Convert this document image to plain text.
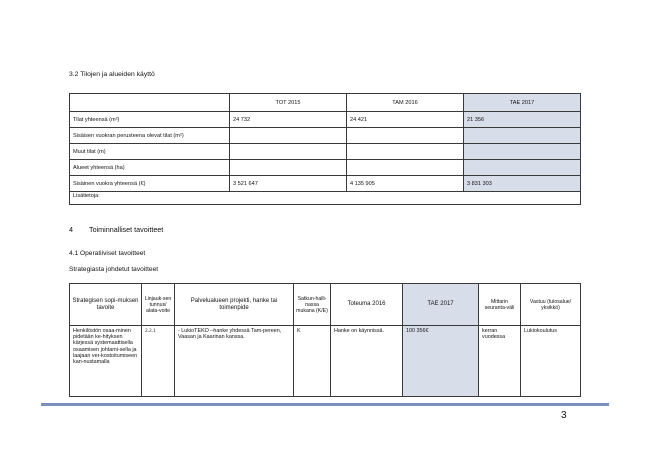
3.2 Tilojen ja alueiden käyttö
	TOT 2015	TAM 2016	TAE 2017
Tilat yhteensä (m²)	24 732	24 421	21 356
Sisäisen vuokran perusteena olevat tilat (m²)			
Muut tilat (m)			
Alueet yhteensä (ha)			
Sisäinen vuokra yhteensä (€)	3 521 647	4 135 905	3 831 303
Lisätietoja:			
4 Toiminnalliset tavoitteet
4.1 Operatiiviset tavoitteet
Strategiasta johdetut tavoitteet
Strategisen sopi-muksen tavoite	Linjauk-sen tunnus/ alata-voite	Palvelualueen projekti, hanke tai toimenpide	Satkun-halli-nassa mukana (K/E)	Toteuma 2016	TAE 2017	Mittarin seuranta-väli	Vastuu (tulosalue/ yksikkö)
Henkilöstön osaa-minen pidetään ke-hityksen kärjessä systemaattisella osaamisen johtami-sella ja laajaan ver-kostoitumiseen kan-nustamalla	2.2.1	- LukioTEKO –hanke yhdessä Tam-pereen, Vaasan ja Kaarinan kanssa.	K	Hanke on käynnissä.	100 356€	kerran vuodessa	Lukiokoulutus
3
